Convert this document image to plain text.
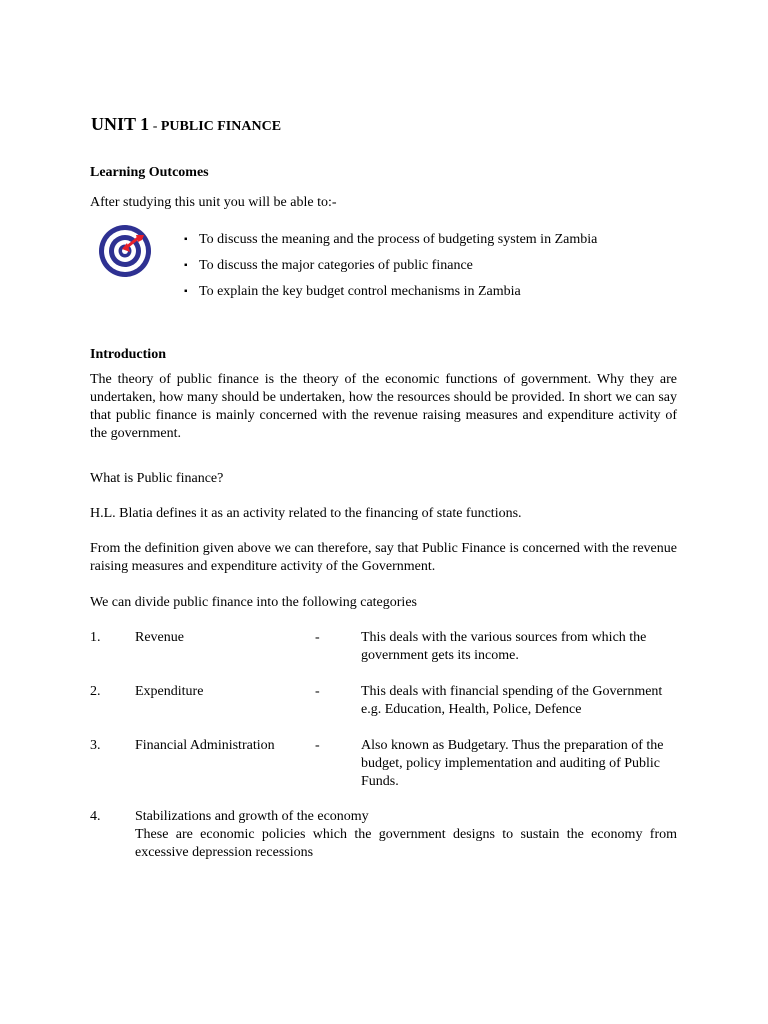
UNIT 1 - PUBLIC FINANCE
Learning Outcomes
After studying this unit you will be able to:-
▪ To discuss the meaning and the process of budgeting system in Zambia
▪ To discuss the major categories of public finance
▪ To explain the key budget control mechanisms in Zambia
Introduction
The theory of public finance is the theory of the economic functions of government. Why they are undertaken, how many should be undertaken, how the resources should be provided. In short we can say that public finance is mainly concerned with the revenue raising measures and expenditure activity of the government.
What is Public finance?
H.L. Blatia defines it as an activity related to the financing of state functions.
From the definition given above we can therefore, say that Public Finance is concerned with the revenue raising measures and expenditure activity of the Government.
We can divide public finance into the following categories
1. Revenue	-	This deals with the various sources from which the government gets its income.
2. Expenditure	-	This deals with financial spending of the Government e.g. Education, Health, Police, Defence
3. Financial Administration	-	Also known as Budgetary. Thus the preparation of the budget, policy implementation and auditing of Public Funds.
4. Stabilizations and growth of the economy
These are economic policies which the government designs to sustain the economy from excessive depression recessions
